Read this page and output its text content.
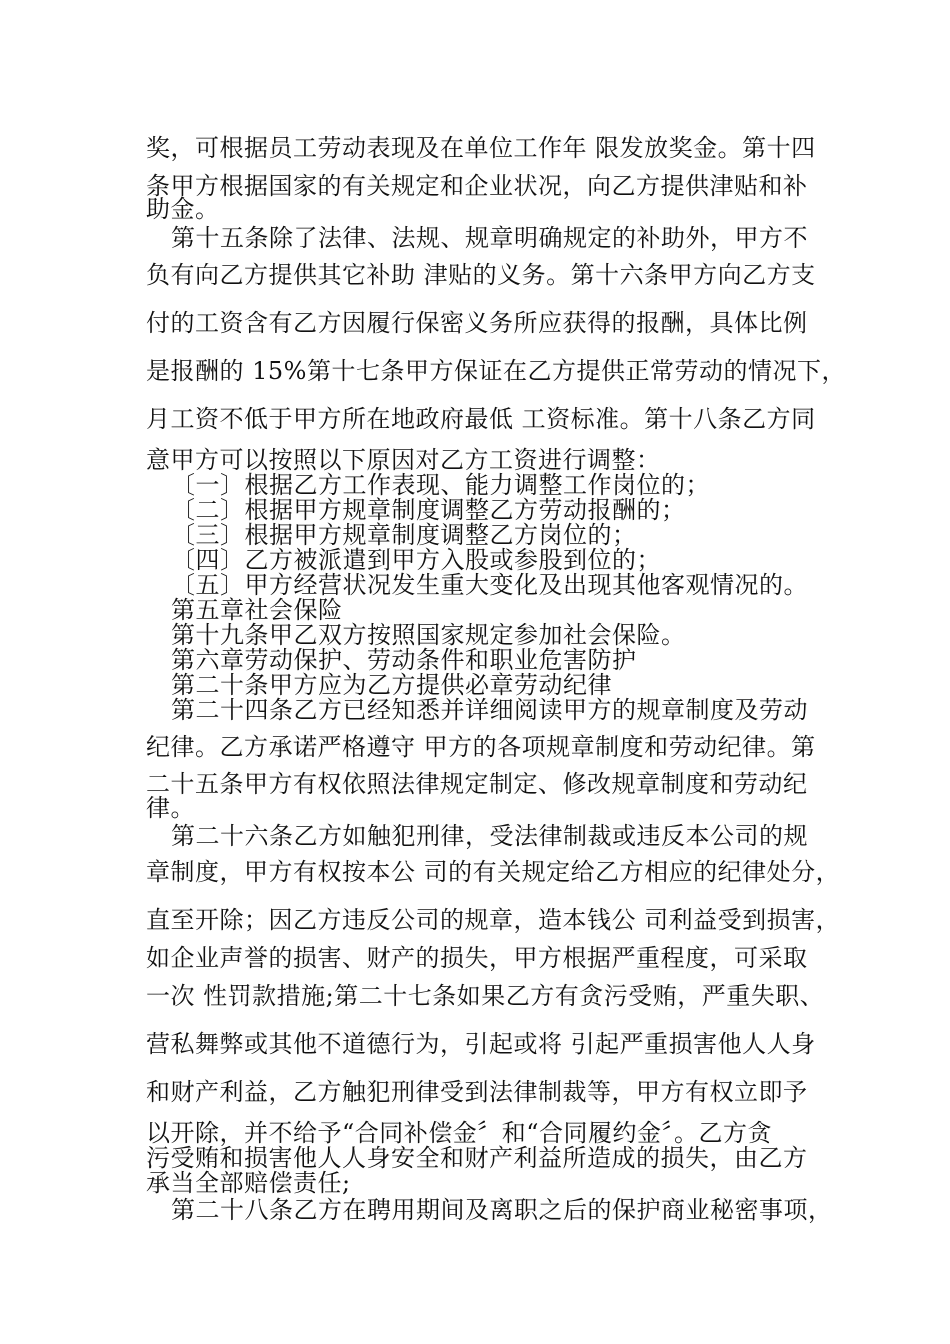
奖，可根据员工劳动表现及在单位工作年 限发放奖金。第十四
条甲方根据国家的有关规定和企业状况，向乙方提供津贴和补
助金。
第十五条除了法律、法规、规章明确规定的补助外，甲方不
负有向乙方提供其它补助 津贴的义务。第十六条甲方向乙方支
付的工资含有乙方因履行保密义务所应获得的报酬，具体比例
是报酬的 15%第十七条甲方保证在乙方提供正常劳动的情况下，
月工资不低于甲方所在地政府最低 工资标准。第十八条乙方同
意甲方可以按照以下原因对乙方工资进行调整：
〔一〕根据乙方工作表现、能力调整工作岗位的；
〔二〕根据甲方规章制度调整乙方劳动报酬的；
〔三〕根据甲方规章制度调整乙方岗位的；
〔四〕乙方被派遣到甲方入股或参股到位的；
〔五〕甲方经营状况发生重大变化及出现其他客观情况的。
第五章社会保险
第十九条甲乙双方按照国家规定参加社会保险。
第六章劳动保护、劳动条件和职业危害防护
第二十条甲方应为乙方提供必章劳动纪律
第二十四条乙方已经知悉并详细阅读甲方的规章制度及劳动
纪律。乙方承诺严格遵守 甲方的各项规章制度和劳动纪律。第
二十五条甲方有权依照法律规定制定、修改规章制度和劳动纪
律。
第二十六条乙方如触犯刑律，受法律制裁或违反本公司的规
章制度，甲方有权按本公 司的有关规定给乙方相应的纪律处分，
直至开除；因乙方违反公司的规章，造本钱公 司利益受到损害，
如企业声誉的损害、财产的损失，甲方根据严重程度，可采取
一次 性罚款措施;第二十七条如果乙方有贪污受贿，严重失职、
营私舞弊或其他不道德行为，引起或将 引起严重损害他人人身
和财产利益，乙方触犯刑律受到法律制裁等，甲方有权立即予
以开除，并不给予“合同补偿金〞和“合同履约金〞。乙方贪
污受贿和损害他人人身安全和财产利益所造成的损失，由乙方
承当全部赔偿责任;
第二十八条乙方在聘用期间及离职之后的保护商业秘密事项，
